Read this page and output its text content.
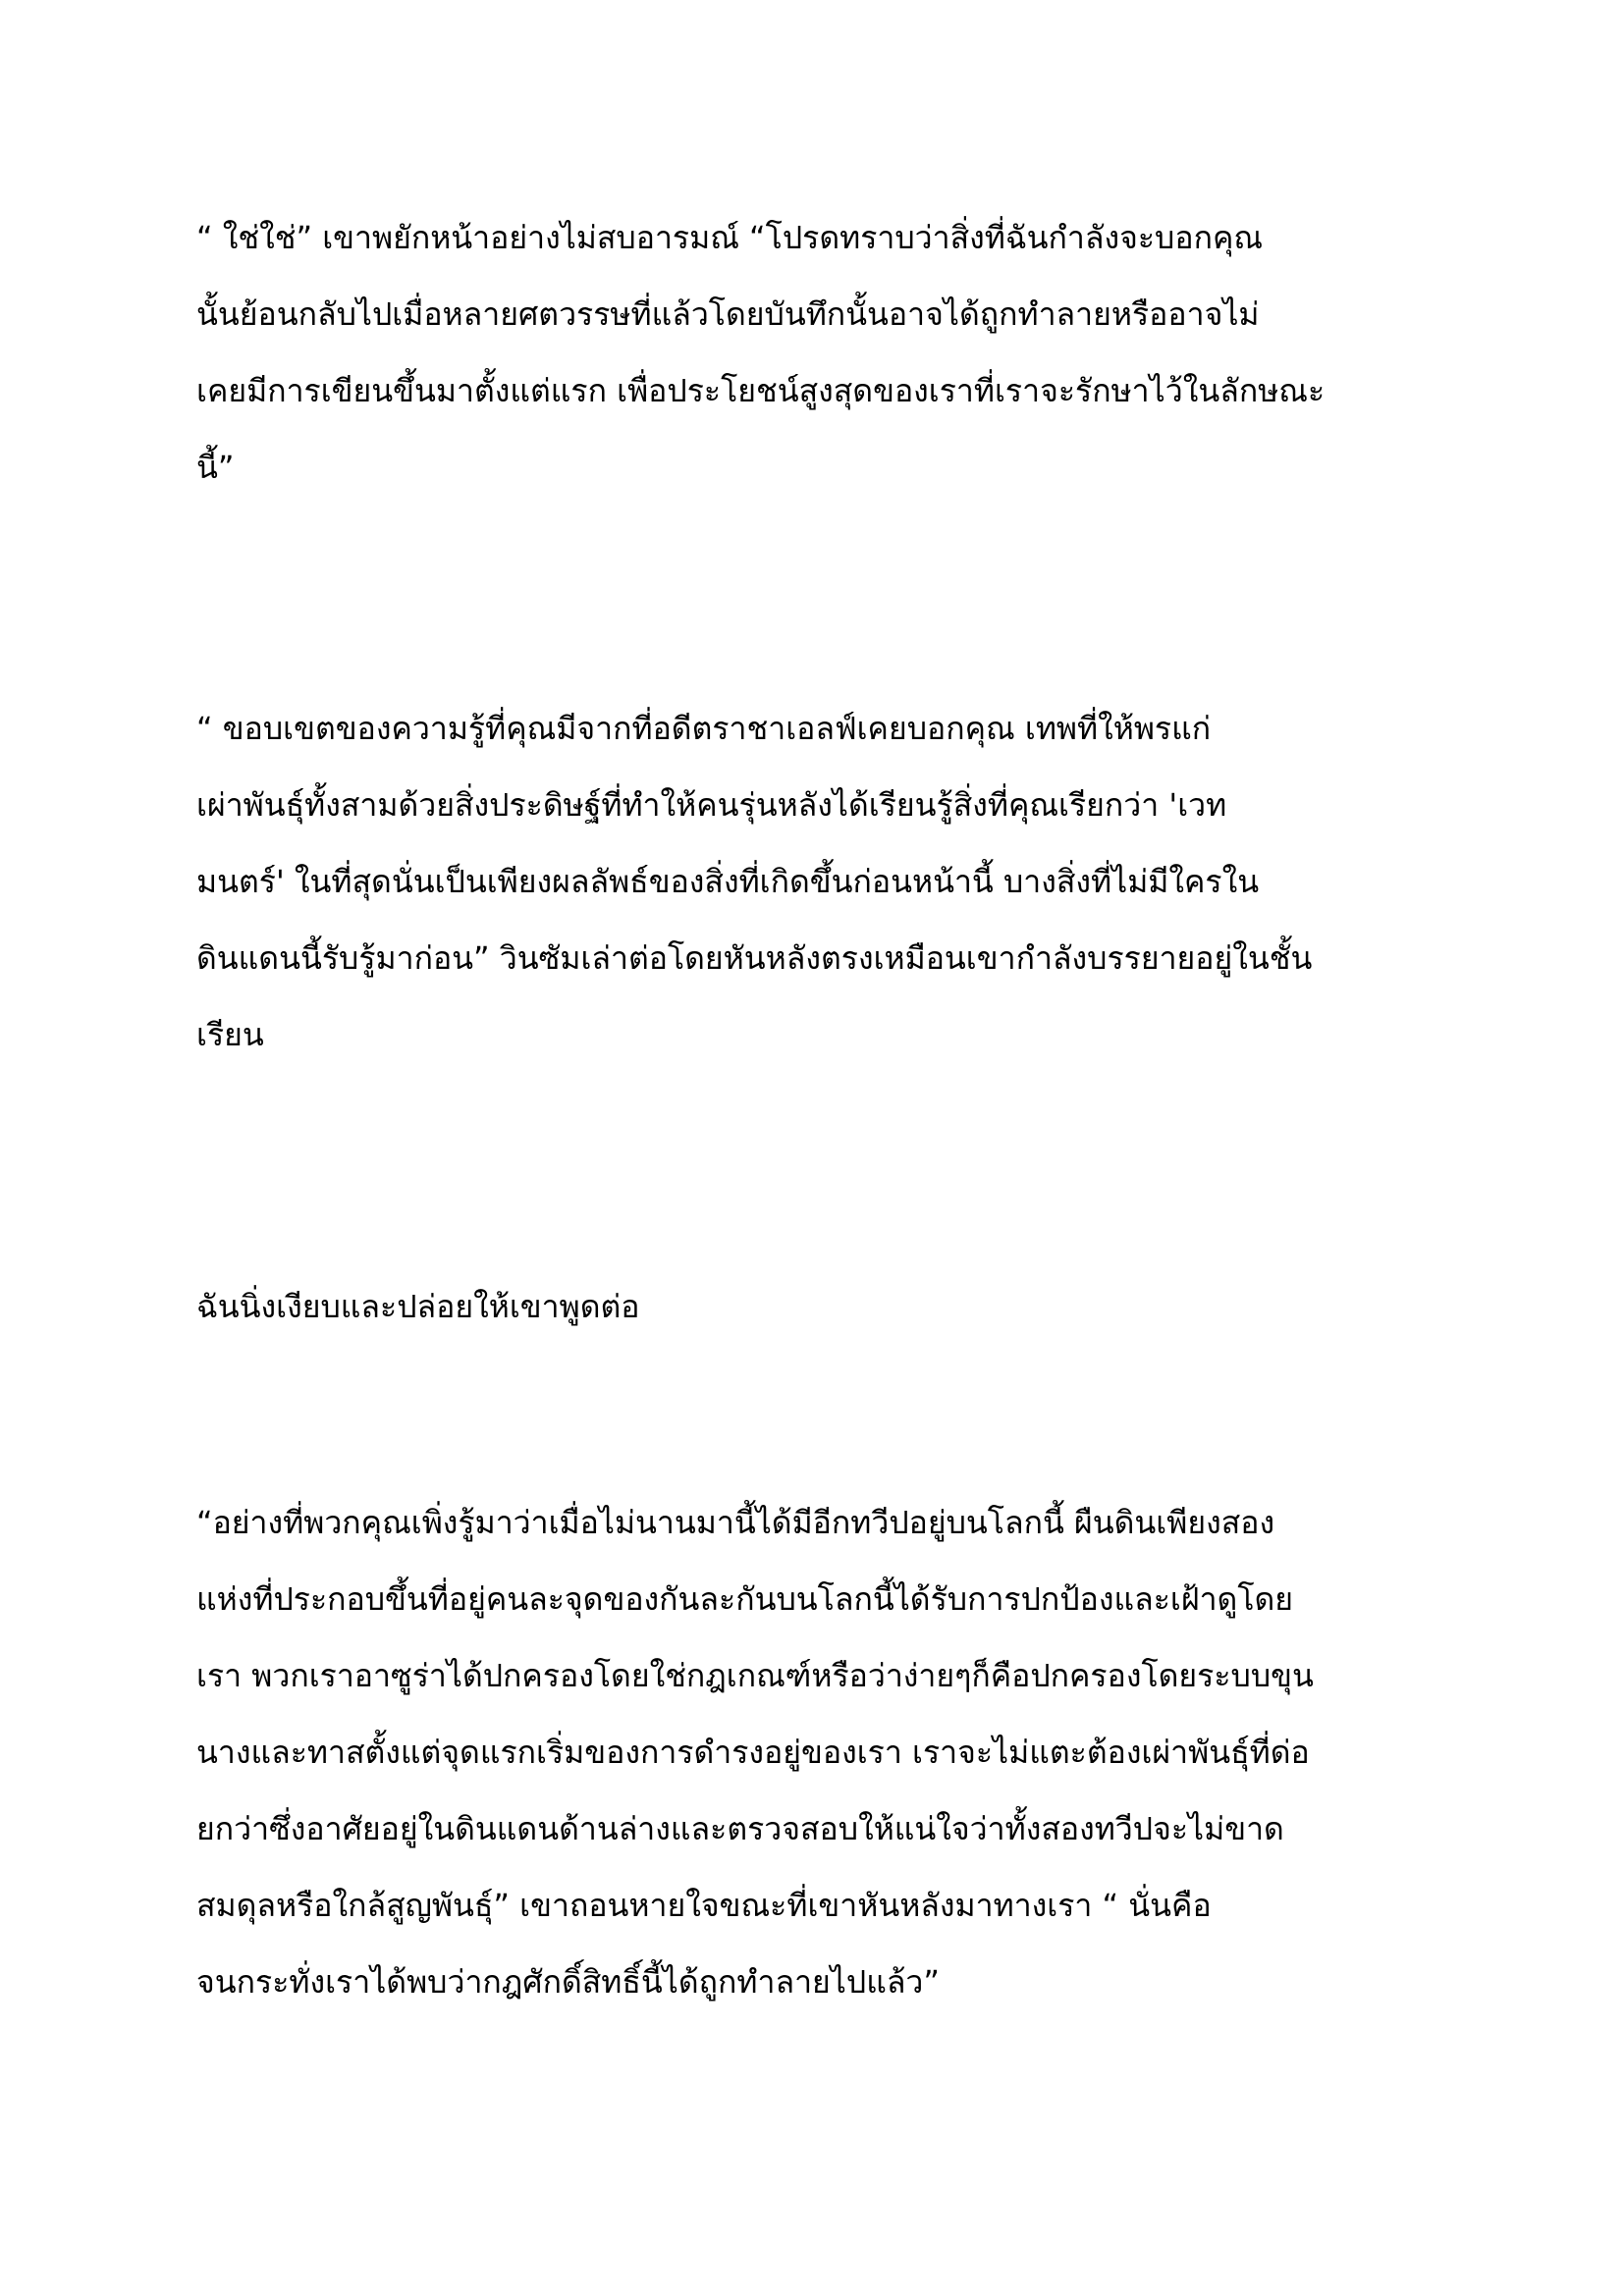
“ ใช่ใช่” เขาพยักหน้าอย่างไม่สบอารมณ์ “โปรดทราบว่าสิ่งที่ฉันกำลังจะบอกคุณ
นั้นย้อนกลับไปเมื่อหลายศตวรรษที่แล้วโดยบันทึกนั้นอาจได้ถูกทำลายหรืออาจไม่
เคยมีการเขียนขึ้นมาตั้งแต่แรก เพื่อประโยชน์สูงสุดของเราที่เราจะรักษาไว้ในลักษณะ
นี้”

“ ขอบเขตของความรู้ที่คุณมีจากที่อดีตราชาเอลฟ์เคยบอกคุณ เทพที่ให้พรแก่
เผ่าพันธุ์ทั้งสามด้วยสิ่งประดิษฐ์ที่ทำให้คนรุ่นหลังได้เรียนรู้สิ่งที่คุณเรียกว่า 'เวท
มนตร์' ในที่สุดนั่นเป็นเพียงผลลัพธ์ของสิ่งที่เกิดขึ้นก่อนหน้านี้ บางสิ่งที่ไม่มีใครใน
ดินแดนนี้รับรู้มาก่อน” วินซัมเล่าต่อโดยหันหลังตรงเหมือนเขากำลังบรรยายอยู่ในชั้น
เรียน

ฉันนิ่งเงียบและปล่อยให้เขาพูดต่อ

“อย่างที่พวกคุณเพิ่งรู้มาว่าเมื่อไม่นานมานี้ได้มีอีกทวีปอยู่บนโลกนี้ ผืนดินเพียงสอง
แห่งที่ประกอบขึ้นที่อยู่คนละจุดของกันละกันบนโลกนี้ได้รับการปกป้องและเฝ้าดูโดย
เรา พวกเราอาซูร่าได้ปกครองโดยใช่กฎเกณฑ์หรือว่าง่ายๆก็คือปกครองโดยระบบขุน
นางและทาสตั้งแต่จุดแรกเริ่มของการดำรงอยู่ของเรา เราจะไม่แตะต้องเผ่าพันธุ์ที่ด่อ
ยกว่าซึ่งอาศัยอยู่ในดินแดนด้านล่างและตรวจสอบให้แน่ใจว่าทั้งสองทวีปจะไม่ขาด
สมดุลหรือใกล้สูญพันธุ์” เขาถอนหายใจขณะที่เขาหันหลังมาทางเรา “ นั่นคือ
จนกระทั่งเราได้พบว่ากฎศักดิ์สิทธิ์นี้ได้ถูกทำลายไปแล้ว”
